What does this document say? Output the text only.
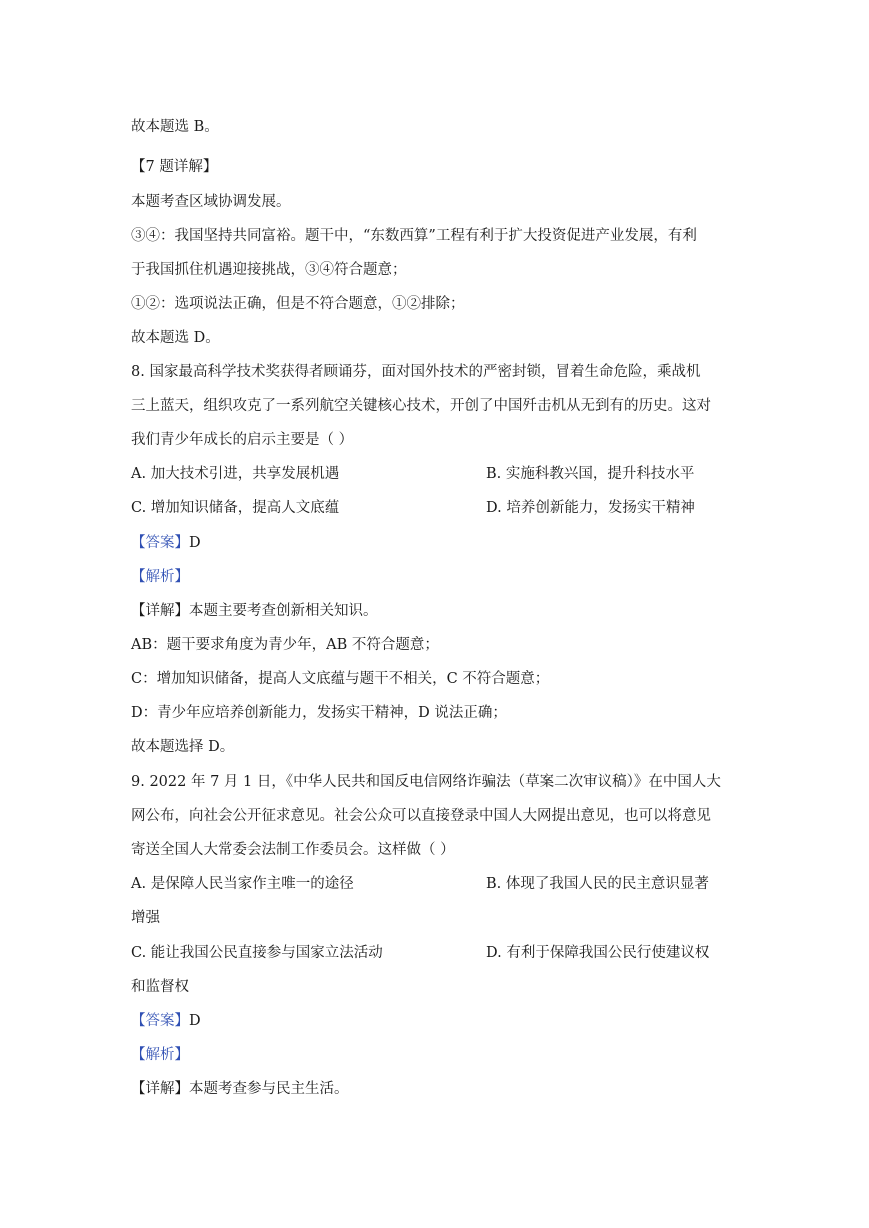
故本题选 B。
【7 题详解】
本题考查区域协调发展。
③④：我国坚持共同富裕。题干中，“东数西算”工程有利于扩大投资促进产业发展，有利
于我国抓住机遇迎接挑战，③④符合题意；
①②：选项说法正确，但是不符合题意，①②排除；
故本题选 D。
8. 国家最高科学技术奖获得者顾诵芬，面对国外技术的严密封锁，冒着生命危险，乘战机
三上蓝天，组织攻克了一系列航空关键核心技术，开创了中国歼击机从无到有的历史。这对
我们青少年成长的启示主要是（ ）
A. 加大技术引进，共享发展机遇	B. 实施科教兴国，提升科技水平
C. 增加知识储备，提高人文底蕴	D. 培养创新能力，发扬实干精神
【答案】D
【解析】
【详解】本题主要考查创新相关知识。
AB：题干要求角度为青少年，AB 不符合题意；
C：增加知识储备，提高人文底蕴与题干不相关，C 不符合题意；
D：青少年应培养创新能力，发扬实干精神，D 说法正确；
故本题选择 D。
9. 2022 年 7 月 1 日，《中华人民共和国反电信网络诈骗法（草案二次审议稿）》在中国人大
网公布，向社会公开征求意见。社会公众可以直接登录中国人大网提出意见，也可以将意见
寄送全国人大常委会法制工作委员会。这样做（ ）
A. 是保障人民当家作主唯一的途径	B. 体现了我国人民的民主意识显著
增强
C. 能让我国公民直接参与国家立法活动	D. 有利于保障我国公民行使建议权
和监督权
【答案】D
【解析】
【详解】本题考查参与民主生活。
